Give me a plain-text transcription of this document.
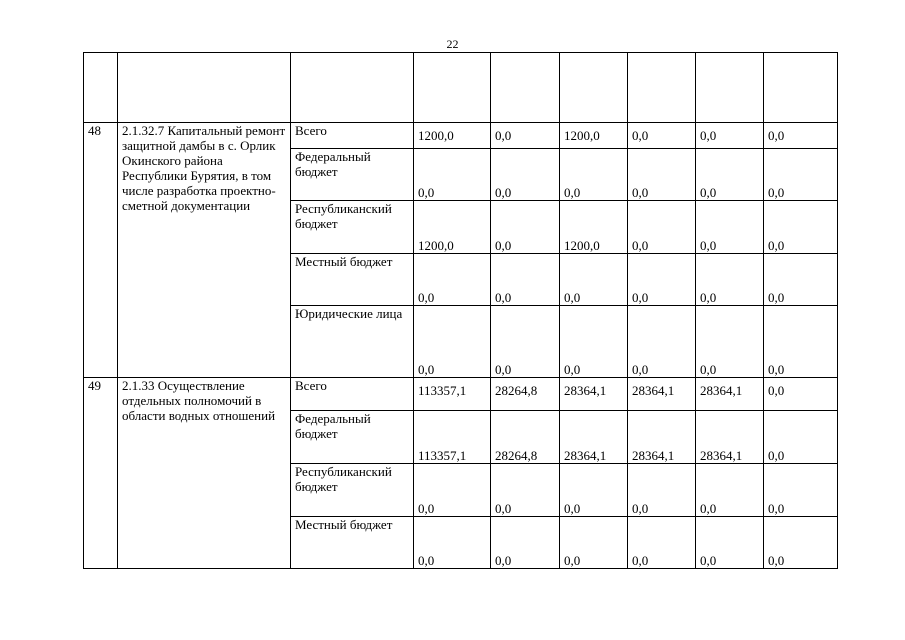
22

48	2.1.32.7 Капитальный ремонт защитной дамбы в с. Орлик Окинского района Республики Бурятия, в том числе разработка проектно-сметной документации	Всего	1200,0	0,0	1200,0	0,0	0,0	0,0
		Федеральный бюджет	0,0	0,0	0,0	0,0	0,0	0,0
		Республиканский бюджет	1200,0	0,0	1200,0	0,0	0,0	0,0
		Местный бюджет	0,0	0,0	0,0	0,0	0,0	0,0
		Юридические лица	0,0	0,0	0,0	0,0	0,0	0,0
49	2.1.33 Осуществление отдельных полномочий в области водных отношений	Всего	113357,1	28264,8	28364,1	28364,1	28364,1	0,0
		Федеральный бюджет	113357,1	28264,8	28364,1	28364,1	28364,1	0,0
		Республиканский бюджет	0,0	0,0	0,0	0,0	0,0	0,0
		Местный бюджет	0,0	0,0	0,0	0,0	0,0	0,0
